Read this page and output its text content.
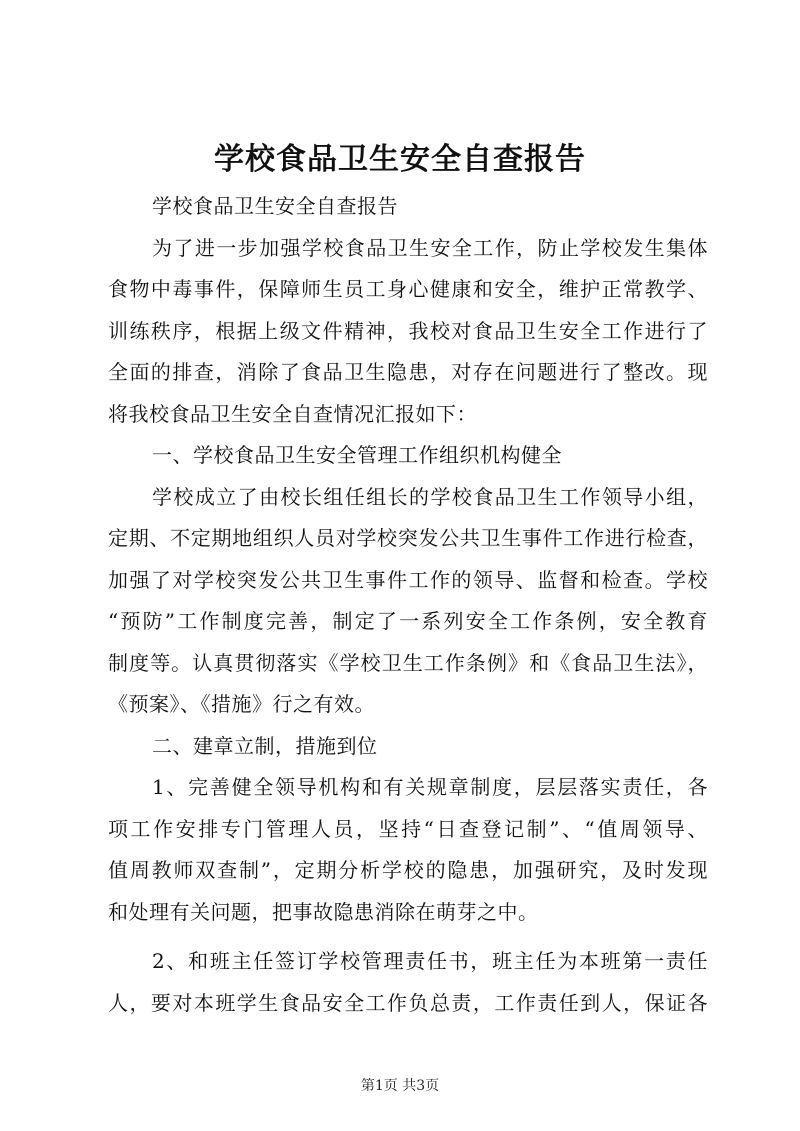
学校食品卫生安全自查报告
学校食品卫生安全自查报告
为了进一步加强学校食品卫生安全工作，防止学校发生集体
食物中毒事件，保障师生员工身心健康和安全，维护正常教学、
训练秩序，根据上级文件精神，我校对食品卫生安全工作进行了
全面的排查，消除了食品卫生隐患，对存在问题进行了整改。现
将我校食品卫生安全自查情况汇报如下：
一、学校食品卫生安全管理工作组织机构健全
学校成立了由校长组任组长的学校食品卫生工作领导小组，
定期、不定期地组织人员对学校突发公共卫生事件工作进行检查，
加强了对学校突发公共卫生事件工作的领导、监督和检查。学校
“预防”工作制度完善，制定了一系列安全工作条例，安全教育
制度等。认真贯彻落实《学校卫生工作条例》和《食品卫生法》，
《预案》、《措施》行之有效。
二、建章立制，措施到位
1、完善健全领导机构和有关规章制度，层层落实责任，各
项工作安排专门管理人员，坚持“日查登记制”、“值周领导、
值周教师双查制”，定期分析学校的隐患，加强研究，及时发现
和处理有关问题，把事故隐患消除在萌芽之中。
2、和班主任签订学校管理责任书，班主任为本班第一责任
人，要对本班学生食品安全工作负总责，工作责任到人，保证各
第1页 共3页
